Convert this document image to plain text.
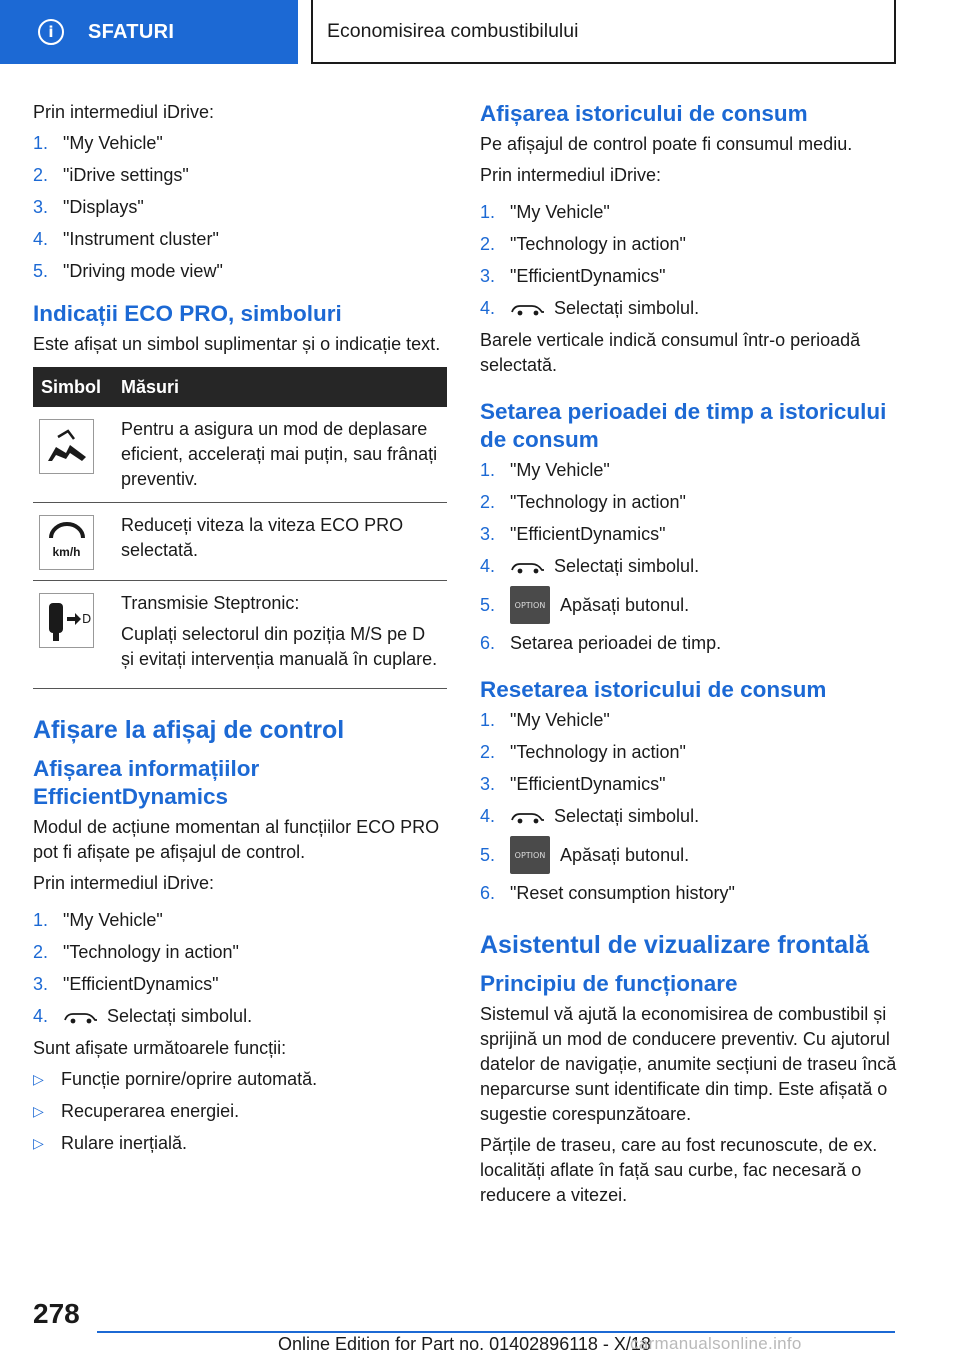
i	SFATURI	Economisirea combustibilului

Prin intermediul iDrive:

1. "My Vehicle"
2. "iDrive settings"
3. "Displays"
4. "Instrument cluster"
5. "Driving mode view"
Indicații ECO PRO, simboluri

Este afișat un simbol suplimentar și o indicație text.

Simbol	Măsuri

	Pentru a asigura un mod de deplasare eficient, accelerați mai puțin, sau frânați preventiv.

km/h	Reduceți viteza la viteza ECO PRO selectată.

D	Transmisie Steptronic:

Cuplați selectorul din poziția M/S pe D și evitați intervenția manuală în cuplare.

Afișare la afișaj de control
Afișarea informațiilor EfficientDynamics

Modul de acțiune momentan al funcțiilor ECO PRO pot fi afișate pe afișajul de control.

Prin intermediul iDrive:

1. "My Vehicle"
2. "Technology in action"
3. "EfficientDynamics"
4.	Selectați simbolul.

Sunt afișate următoarele funcții:

▷ Funcție pornire/oprire automată.
▷ Recuperarea energiei.
▷ Rulare inerțială.
Afișarea istoricului de consum

Pe afișajul de control poate fi consumul mediu.

Prin intermediul iDrive:

1. "My Vehicle"
2. "Technology in action"
3. "EfficientDynamics"
4.	Selectați simbolul.

Barele verticale indică consumul într-o perioadă selectată.

Setarea perioadei de timp a istoricului de consum
1. "My Vehicle"
2. "Technology in action"
3. "EfficientDynamics"
4.	Selectați simbolul.
5.	OPTION Apăsați butonul.
6. Setarea perioadei de timp.
Resetarea istoricului de consum
1. "My Vehicle"
2. "Technology in action"
3. "EfficientDynamics"
4.	Selectați simbolul.
5.	OPTION Apăsați butonul.
6. "Reset consumption history"
Asistentul de vizualizare frontală
Principiu de funcționare

Sistemul vă ajută la economisirea de combustibil și sprijină un mod de conducere preventiv. Cu ajutorul datelor de navigație, anumite secțiuni de traseu încă neparcurse sunt identificate din timp. Este afișată o sugestie corespunzătoare.

Părțile de traseu, care au fost recunoscute, de ex. localități aflate în față sau curbe, fac necesară o reducere a vitezei.

278
Online Edition for Part no. 01402896118 - X/18
carmanualsonline.info
